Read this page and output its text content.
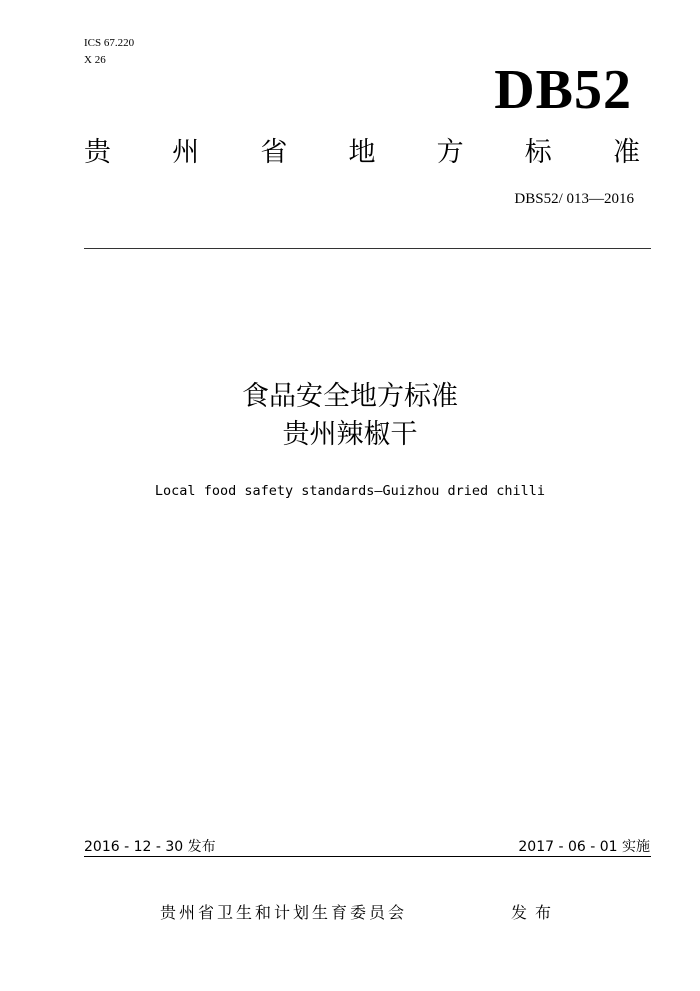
ICS 67.220
X 26	DB52
贵 州 省 地 方 标 准
DBS52/ 013—2016
食品安全地方标准
贵州辣椒干
Local food safety standards—Guizhou dried chilli
2016 - 12 - 30 发布	2017 - 06 - 01 实施
贵州省卫生和计划生育委员会	发布
